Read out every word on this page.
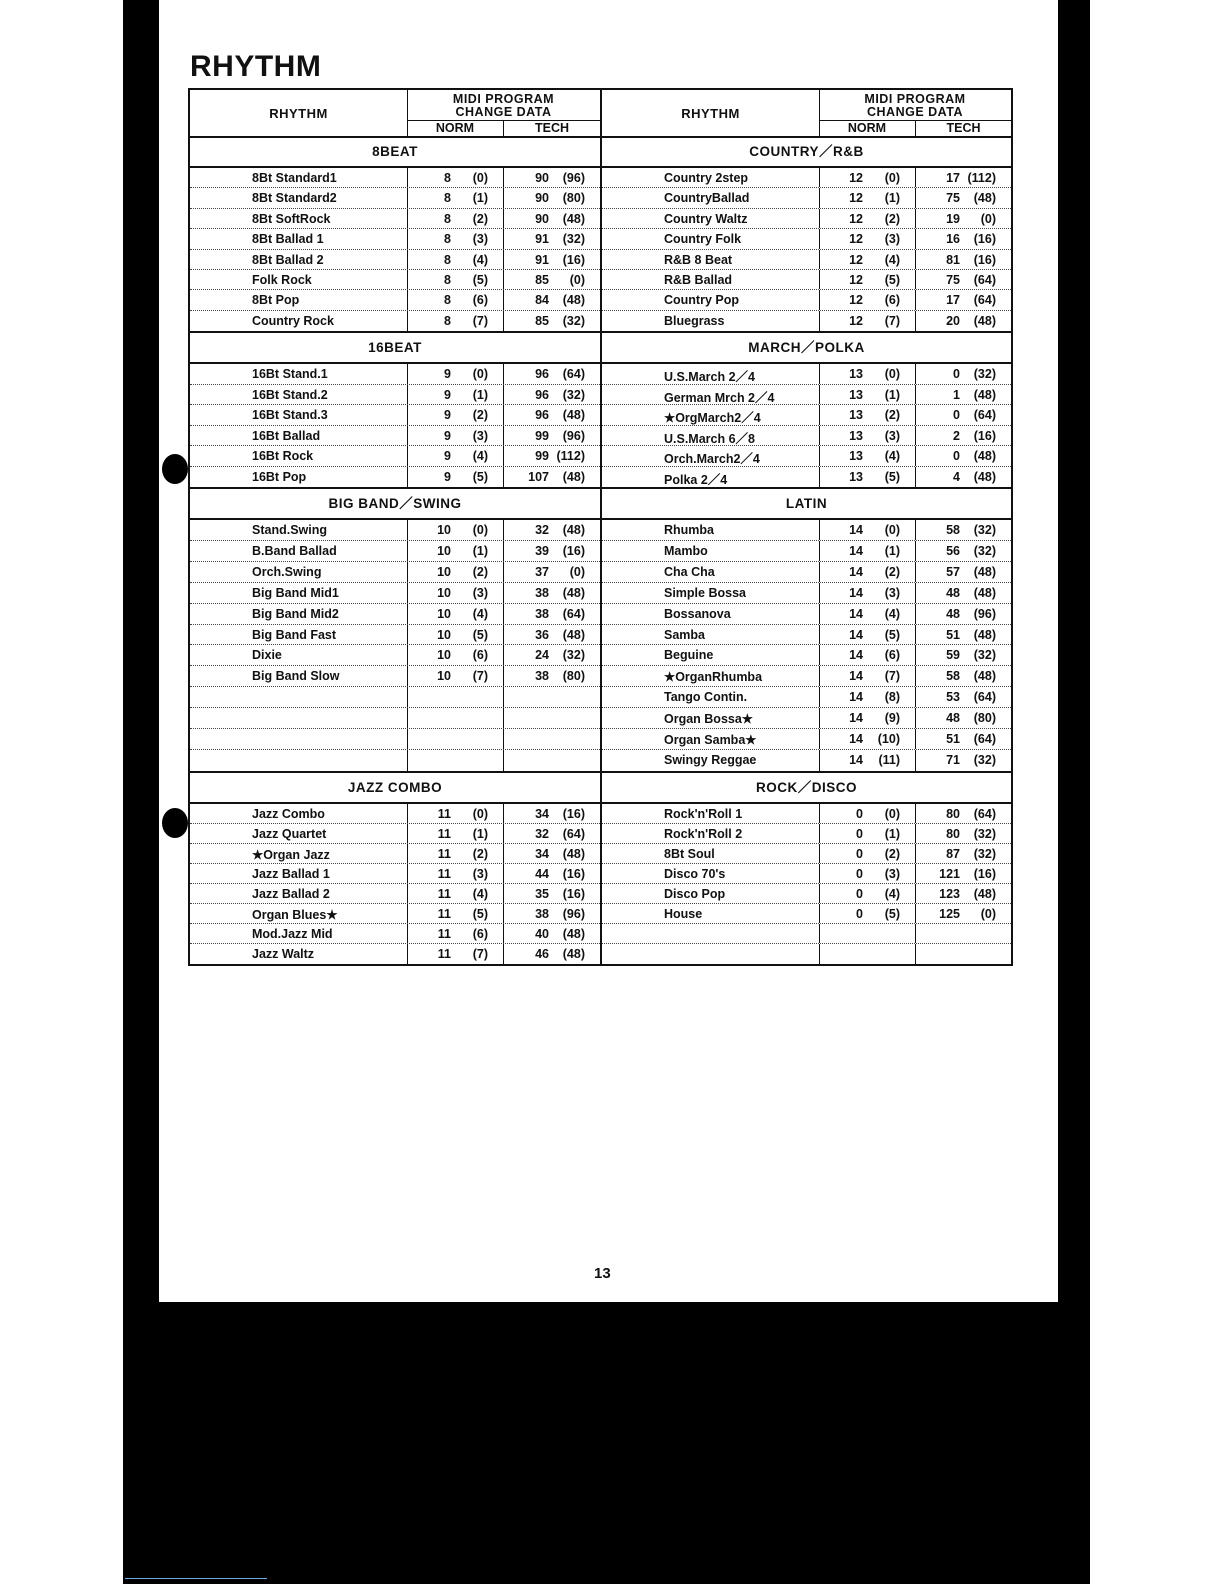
RHYTHM
RHYTHM
MIDI PROGRAM
CHANGE DATA
NORM	TECH
8BEAT
8Bt Standard1	8 (0)	90 (96)
8Bt Standard2	8 (1)	90 (80)
8Bt SoftRock	8 (2)	90 (48)
8Bt Ballad 1	8 (3)	91 (32)
8Bt Ballad 2	8 (4)	91 (16)
Folk Rock	8 (5)	85 (0)
8Bt Pop	8 (6)	84 (48)
Country Rock	8 (7)	85 (32)
16BEAT
16Bt Stand.1	9 (0)	96 (64)
16Bt Stand.2	9 (1)	96 (32)
16Bt Stand.3	9 (2)	96 (48)
16Bt Ballad	9 (3)	99 (96)
16Bt Rock	9 (4)	99 (112)
16Bt Pop	9 (5)	107 (48)
BIG BAND／SWING
Stand.Swing	10 (0)	32 (48)
B.Band Ballad	10 (1)	39 (16)
Orch.Swing	10 (2)	37 (0)
Big Band Mid1	10 (3)	38 (48)
Big Band Mid2	10 (4)	38 (64)
Big Band Fast	10 (5)	36 (48)
Dixie	10 (6)	24 (32)
Big Band Slow	10 (7)	38 (80)
JAZZ COMBO
Jazz Combo	11 (0)	34 (16)
Jazz Quartet	11 (1)	32 (64)
★Organ Jazz	11 (2)	34 (48)
Jazz Ballad 1	11 (3)	44 (16)
Jazz Ballad 2	11 (4)	35 (16)
Organ Blues★	11 (5)	38 (96)
Mod.Jazz Mid	11 (6)	40 (48)
Jazz Waltz	11 (7)	46 (48)
RHYTHM
MIDI PROGRAM
CHANGE DATA
NORM	TECH
COUNTRY／R&B
Country 2step	12 (0)	17 (112)
CountryBallad	12 (1)	75 (48)
Country Waltz	12 (2)	19 (0)
Country Folk	12 (3)	16 (16)
R&B 8 Beat	12 (4)	81 (16)
R&B Ballad	12 (5)	75 (64)
Country Pop	12 (6)	17 (64)
Bluegrass	12 (7)	20 (48)
MARCH／POLKA
U.S.March 2／4	13 (0)	0 (32)
German Mrch 2／4	13 (1)	1 (48)
★OrgMarch2／4	13 (2)	0 (64)
U.S.March 6／8	13 (3)	2 (16)
Orch.March2／4	13 (4)	0 (48)
Polka 2／4	13 (5)	4 (48)
LATIN
Rhumba	14 (0)	58 (32)
Mambo	14 (1)	56 (32)
Cha Cha	14 (2)	57 (48)
Simple Bossa	14 (3)	48 (48)
Bossanova	14 (4)	48 (96)
Samba	14 (5)	51 (48)
Beguine	14 (6)	59 (32)
★OrganRhumba	14 (7)	58 (48)
Tango Contin.	14 (8)	53 (64)
Organ Bossa★	14 (9)	48 (80)
Organ Samba★	14 (10)	51 (64)
Swingy Reggae	14 (11)	71 (32)
ROCK／DISCO
Rock'n'Roll 1	0 (0)	80 (64)
Rock'n'Roll 2	0 (1)	80 (32)
8Bt Soul	0 (2)	87 (32)
Disco 70's	0 (3)	121 (16)
Disco Pop	0 (4)	123 (48)
House	0 (5)	125 (0)
13
